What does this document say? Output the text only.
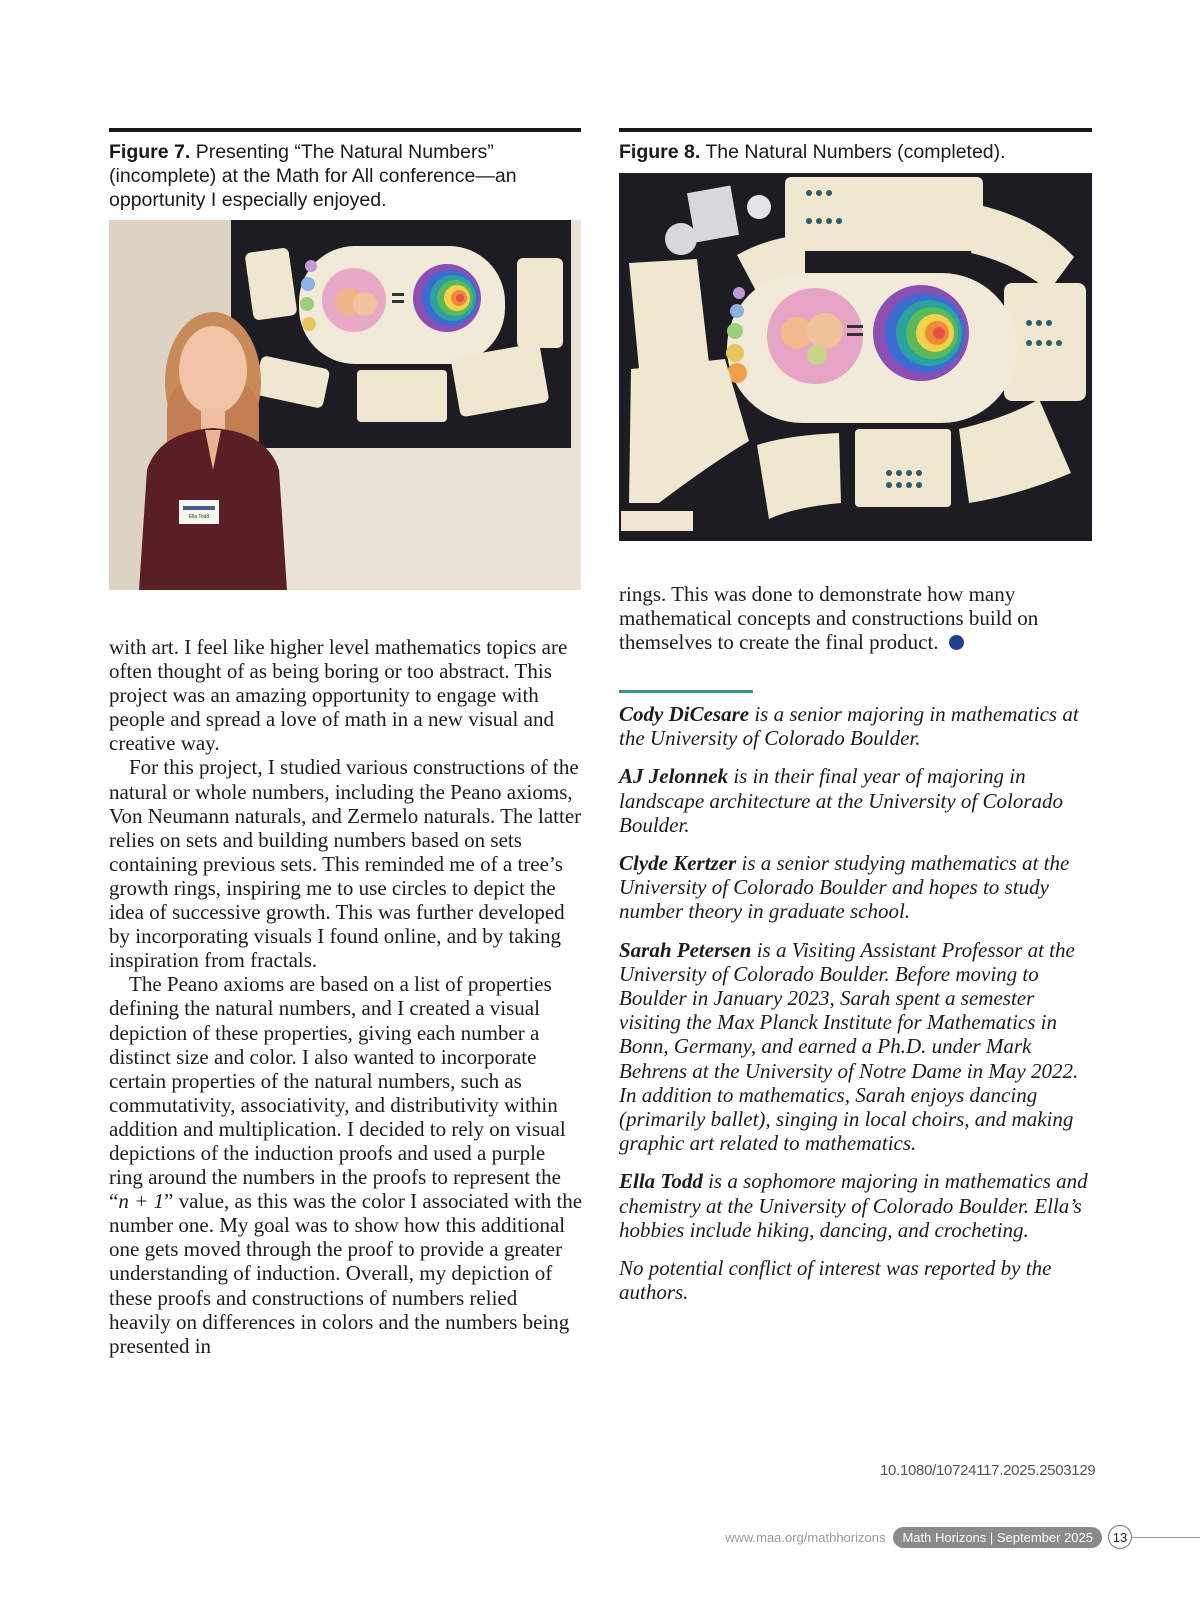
Figure 7. Presenting “The Natural Numbers”
(incomplete) at the Math for All conference—an
opportunity I especially enjoyed.
Ella Todd
Figure 8. The Natural Numbers (completed).

with art. I feel like higher level mathematics topics are often thought of as being boring or too abstract. This project was an amazing opportunity to engage with people and spread a love of math in a new visual and creative way.

For this project, I studied various constructions of the natural or whole numbers, including the Peano axioms, Von Neumann naturals, and Zermelo naturals. The latter relies on sets and building numbers based on sets containing previous sets. This reminded me of a tree’s growth rings, inspiring me to use circles to depict the idea of successive growth. This was further developed by incorporating visuals I found online, and by taking inspiration from fractals.

The Peano axioms are based on a list of properties defining the natural numbers, and I created a visual depiction of these properties, giving each number a distinct size and color. I also wanted to incorporate certain properties of the natural numbers, such as commutativity, associativity, and distributivity within addition and multiplication. I decided to rely on visual depictions of the induction proofs and used a purple ring around the numbers in the proofs to represent the “n + 1” value, as this was the color I associated with the number one. My goal was to show how this additional one gets moved through the proof to provide a greater understanding of induction. Overall, my depiction of these proofs and constructions of numbers relied heavily on differences in colors and the numbers being presented in

rings. This was done to demonstrate how many mathematical concepts and constructions build on themselves to create the final product.

Cody DiCesare is a senior majoring in mathematics at the University of Colorado Boulder.

AJ Jelonnek is in their final year of majoring in landscape architecture at the University of Colorado Boulder.

Clyde Kertzer is a senior studying mathematics at the University of Colorado Boulder and hopes to study number theory in graduate school.

Sarah Petersen is a Visiting Assistant Professor at the University of Colorado Boulder. Before moving to Boulder in January 2023, Sarah spent a semester visiting the Max Planck Institute for Mathematics in Bonn, Germany, and earned a Ph.D. under Mark Behrens at the University of Notre Dame in May 2022. In addition to mathematics, Sarah enjoys dancing (primarily ballet), singing in local choirs, and making graphic art related to mathematics.

Ella Todd is a sophomore majoring in mathematics and chemistry at the University of Colorado Boulder. Ella’s hobbies include hiking, dancing, and crocheting.

No potential conflict of interest was reported by the authors.

10.1080/10724117.2025.2503129
www.maa.org/mathhorizons	Math Horizons | September 2025	13
